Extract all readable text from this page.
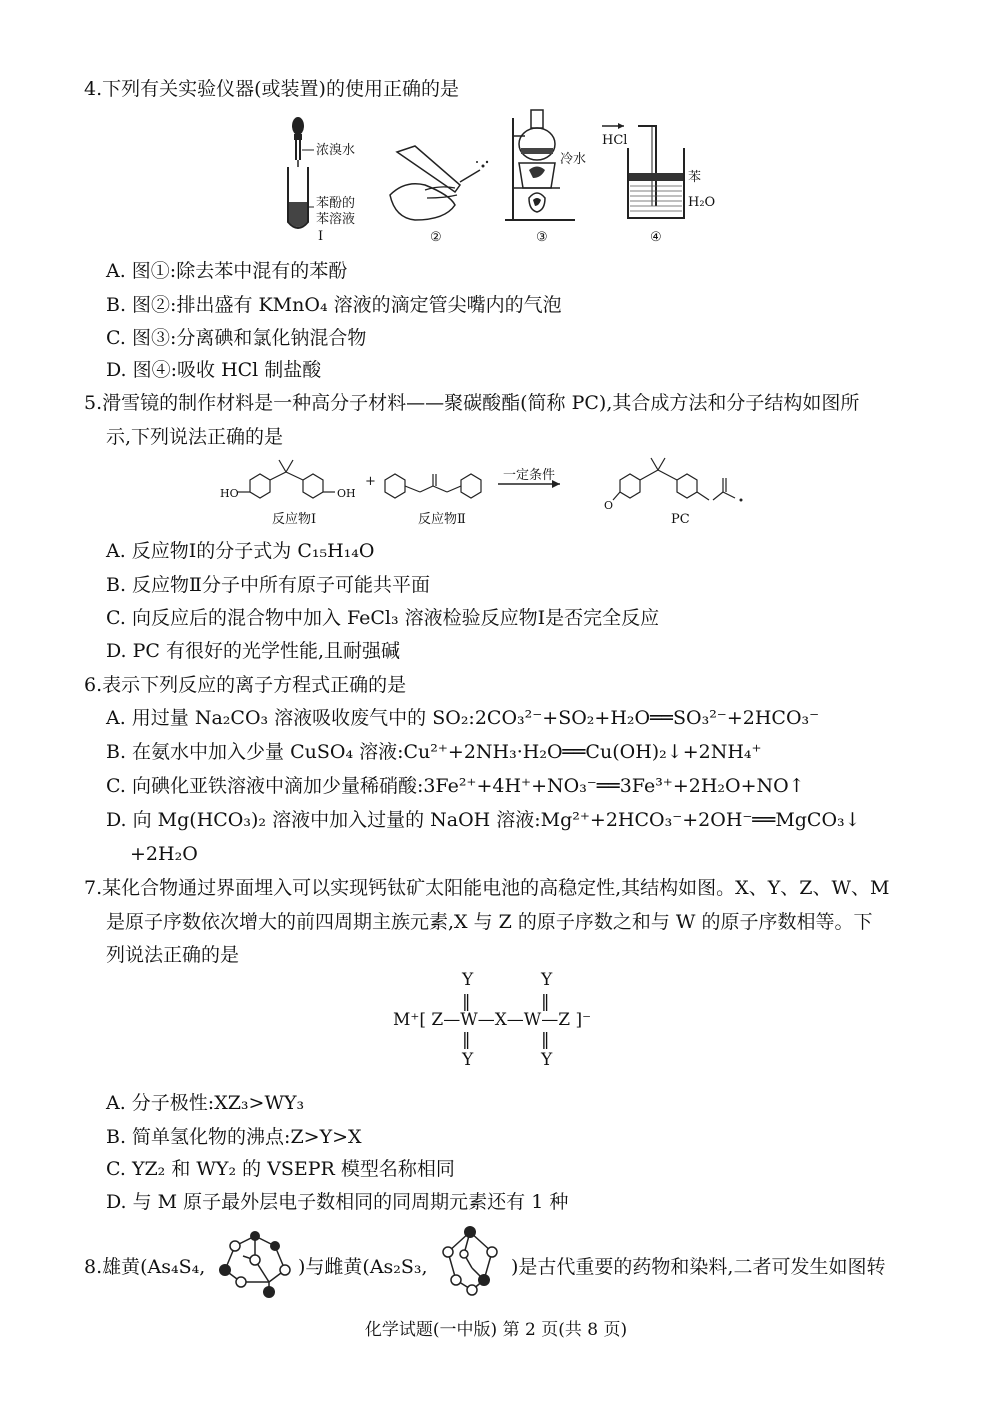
4.下列有关实验仪器(或装置)的使用正确的是
浓溴水
苯酚的
苯溶液
Ⅰ	②
冷水
③
HCl
苯
H₂O
④
A. 图①:除去苯中混有的苯酚
B. 图②:排出盛有 KMnO₄ 溶液的滴定管尖嘴内的气泡
C. 图③:分离碘和氯化钠混合物
D. 图④:吸收 HCl 制盐酸
5.滑雪镜的制作材料是一种高分子材料——聚碳酸酯(简称 PC),其合成方法和分子结构如图所
示,下列说法正确的是
HO	OH
+	一定条件
O
反应物Ⅰ	反应物Ⅱ	PC
A. 反应物Ⅰ的分子式为 C₁₅H₁₄O
B. 反应物Ⅱ分子中所有原子可能共平面
C. 向反应后的混合物中加入 FeCl₃ 溶液检验反应物Ⅰ是否完全反应
D. PC 有很好的光学性能,且耐强碱
6.表示下列反应的离子方程式正确的是
A. 用过量 Na₂CO₃ 溶液吸收废气中的 SO₂:2CO₃²⁻+SO₂+H₂O══SO₃²⁻+2HCO₃⁻
B. 在氨水中加入少量 CuSO₄ 溶液:Cu²⁺+2NH₃·H₂O══Cu(OH)₂↓+2NH₄⁺
C. 向碘化亚铁溶液中滴加少量稀硝酸:3Fe²⁺+4H⁺+NO₃⁻══3Fe³⁺+2H₂O+NO↑
D. 向 Mg(HCO₃)₂ 溶液中加入过量的 NaOH 溶液:Mg²⁺+2HCO₃⁻+2OH⁻══MgCO₃↓
+2H₂O
7.某化合物通过界面埋入可以实现钙钛矿太阳能电池的高稳定性,其结构如图。X、Y、Z、W、M
是原子序数依次增大的前四周期主族元素,X 与 Z 的原子序数之和与 W 的原子序数相等。下
列说法正确的是
Y	Y
‖	‖
M⁺[ Z—W—X—W—Z ]⁻
‖	‖
Y	Y
A. 分子极性:XZ₃>WY₃
B. 简单氢化物的沸点:Z>Y>X
C. YZ₂ 和 WY₂ 的 VSEPR 模型名称相同
D. 与 M 原子最外层电子数相同的同周期元素还有 1 种
8.雄黄(As₄S₄,	)与雌黄(As₂S₃,	)是古代重要的药物和染料,二者可发生如图转
化学试题(一中版) 第 2 页(共 8 页)
